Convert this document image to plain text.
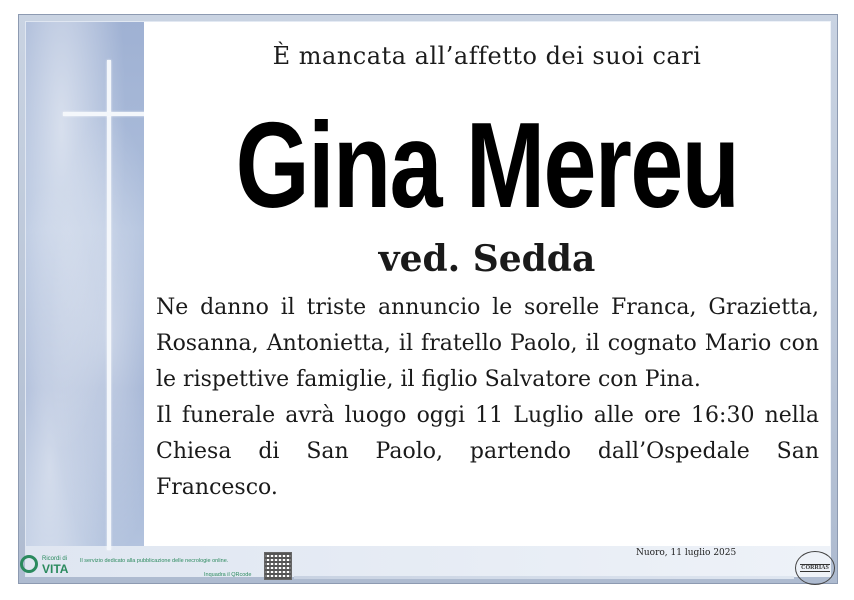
È mancata all’affetto dei suoi cari
Gina Mereu
ved. Sedda

Ne danno il triste annuncio le sorelle Franca, Grazietta, Rosanna, Antonietta, il fratello Paolo, il cognato Mario con le rispettive famiglie, il figlio Salvatore con Pina.

Il funerale avrà luogo oggi 11 Luglio alle ore 16:30 nella Chiesa di San Paolo, partendo dall’Ospedale San Francesco.

Nuoro, 11 luglio 2025
Ricordi di
VITA
Il servizio dedicato alla pubblicazione delle necrologie online.
Inquadra il QRcode
CORRIAS
